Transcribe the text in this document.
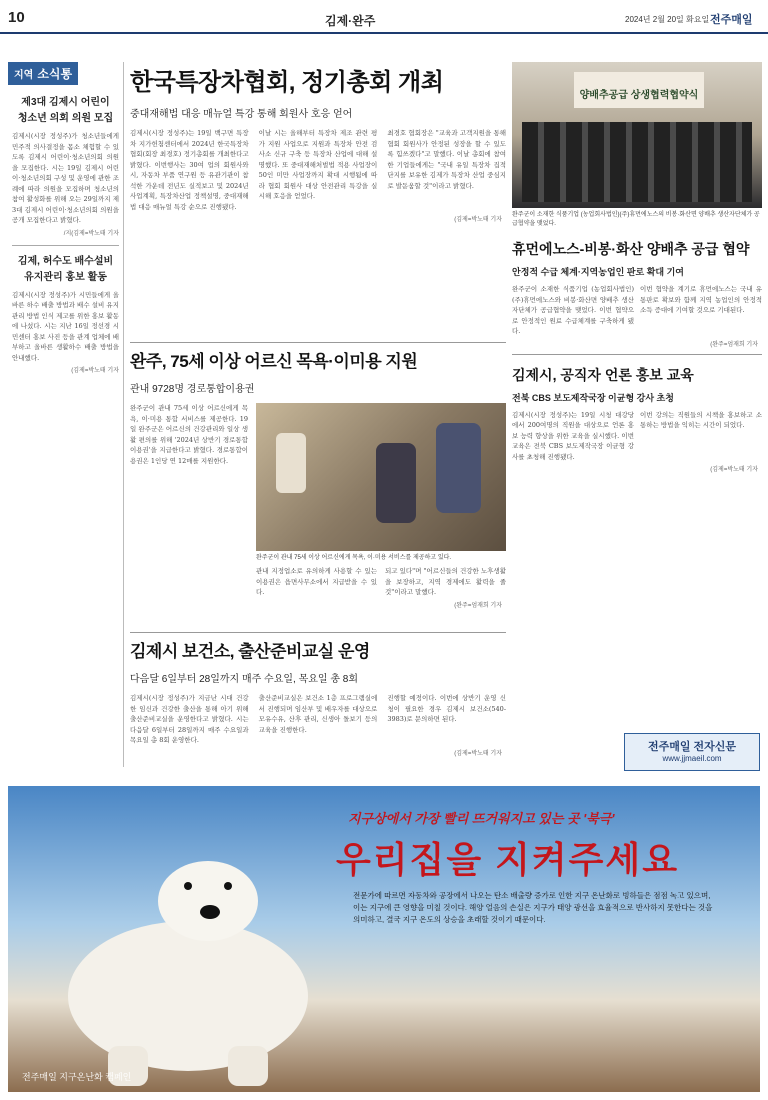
10	김제·완주	2024년 2월 20일 화요일 전주매일
지역 소식통
제3대 김제시 어린이
청소년 의회 의원 모집
김제시(시장 정성주)가 청소년들에게 민주적 의사결정을 몸소 체험할 수 있도록 김제시 어린이·청소년의회 의원을 모집한다. 시는 19일 김제시 어린이·청소년의회 구성 및 운영에 관한 조례에 따라 의원을 모집하며 청소년의 참여 활성화를 위해 오는 29일까지 제3대 김제시 어린이·청소년의회 의원을 공개 모집한다고 밝혔다.
/지(김제=박노태 기자
김제, 허수도 배수설비
유지관리 홍보 활동
김제시(시장 정성주)가 시민들에게 올바른 하수 배출 방법과 배수 설비 유지관리 방법 인식 제고를 위한 홍보 활동에 나섰다. 시는 지난 16일 정선경 시민센터 홍보 사진 등을 관계 업체에 배부하고 올바른 생활하수 배출 방법을 안내했다.
(김제=박노태 기자
한국특장차협회, 정기총회 개최
중대재해법 대응 매뉴얼 특강 통해 회원사 호응 얻어
김제시(시장 정성주)는 19일 백구면 특장차 지가헌첨센터에서 2024년 한국특장차협회(회장 최경호) 정기총회를 개최한다고 밝혔다. 이번행사는 30여 업의 회원사와 시, 자동차 부품 연구원 등 유관기관이 참석한 가운데 전년도 실적보고 및 2024년 사업계획, 특장차산업 정책설명, 중대재해법 대응 매뉴얼 특강 순으로 진행됐다.
이날 시는 올해부터 특장차 제조 관련 평가 지원 사업으로 지원과 특장차 안전 검사소 신규 구축 등 특장차 산업에 대해 설명했다. 또 중대재해처벌법 적용 사업장이 50인 미만 사업장까지 확대 시행됨에 따라 협회 회원사 대상 안전관리 특강을 실시해 호응을 얻었다.
최경호 협회장은 "교육과 고객지원을 통해 협회 회원사가 안정된 성장을 할 수 있도록 힘쓰겠다"고 말했다. 이날 총회에 참여한 기업들에게는 "국내 유일 특장차 집적단지를 보유한 김제가 특장차 산업 중심지로 발돋움할 것"이라고 밝혔다.
(김제=박노태 기자
완주, 75세 이상 어르신 목욕·이미용 지원
관내 9728명 경로통합이용권
완주군이 관내 75세 이상 어르신에게 목욕, 이·미용 통합 서비스를 제공한다. 19일 완주군은 어르신의 건강관리와 일상 생활 편의를 위해 '2024년 상반기 경로통합이용권'을 지급한다고 밝혔다. 경로통합이용권은 1인당 연 12매를 지원한다.
완주군이 관내 75세 이상 어르신에게 목욕, 이·미용 서비스를 제공하고 있다.
관내 지정업소로 유의하게 사용할 수 있는 이용권은 읍면사무소에서 지급받을 수 있다.
되고 있다"며 "어르신들의 건강한 노후생활을 보장하고, 지역 경제에도 활력을 줄 것"이라고 말했다.
(완주=엄재희 기자
김제시 보건소, 출산준비교실 운영
다음달 6일부터 28일까지 매주 수요일, 목요일 총 8회
김제시(시장 정성주)가 지금난 시대 건강한 임신과 건강한 출산을 통해 아기 위해 출산준비교실을 운영한다고 밝혔다. 시는 다음달 6일부터 28일까지 매주 수요일과 목요일 총 8회 운영한다.
출산준비교실은 보건소 1층 프로그램실에서 진행되며 임산부 및 배우자를 대상으로 모유수유, 산후 관리, 신생아 돌보기 등의 교육을 진행한다.
진행할 예정이다. 이번에 상반기 운영 신청이 필요한 경우 김제시 보건소(540-3983)로 문의하면 된다.
(김제=박노태 기자
양배추공급 상생협력협약식
완주군이 소재한 식품기업 (농업회사법인)(주)휴먼에노스의 비봉·화산면 양배추 생산자단체가 공급협약을 맺었다.
휴먼에노스-비봉·화산 양배추 공급 협약
안정적 수급 체계·지역농업인 판로 확대 기여
완주군이 소재한 식품기업 (농업회사법인)(주)휴먼에노스와 비봉·화산면 양배추 생산자단체가 공급협약을 맺었다. 이번 협약으로 안정적인 원료 수급체계를 구축하게 됐다.
이번 협약을 계기로 휴먼에노스는 국내 유통판로 확보와 함께 지역 농업인의 안정적 소득 증대에 기여할 것으로 기대된다.
(완주=엄재희 기자
김제시, 공직자 언론 홍보 교육
전북 CBS 보도제작국장 이균형 강사 초청
김제시(시장 정성주)는 19일 시청 대강당에서 200여명의 직원을 대상으로 언론 홍보 능력 향상을 위한 교육을 실시했다. 이번 교육은 전북 CBS 보도제작국장 이균형 강사를 초청해 진행됐다.
이번 강의는 직원들의 시책을 홍보하고 소통하는 방법을 익히는 시간이 되었다.
(김제=박노태 기자
전주매일 전자신문
www.jjmaeil.com
지구상에서 가장 빨리 뜨거워지고 있는 곳 '북극'
우리집을 지켜주세요
전문가에 따르면 자동차와 공장에서 나오는 탄소 배출량 증가로 인한 지구 온난화로 빙하들은 점점 녹고 있으며, 이는 지구에 큰 영향을 미칠 것이다. 해양 얼음의 손실은 지구가 태양 광선을 효율적으로 반사하지 못한다는 것을 의미하고, 결국 지구 온도의 상승을 초래할 것이기 때문이다.
전주매일 지구온난화 캠페인
